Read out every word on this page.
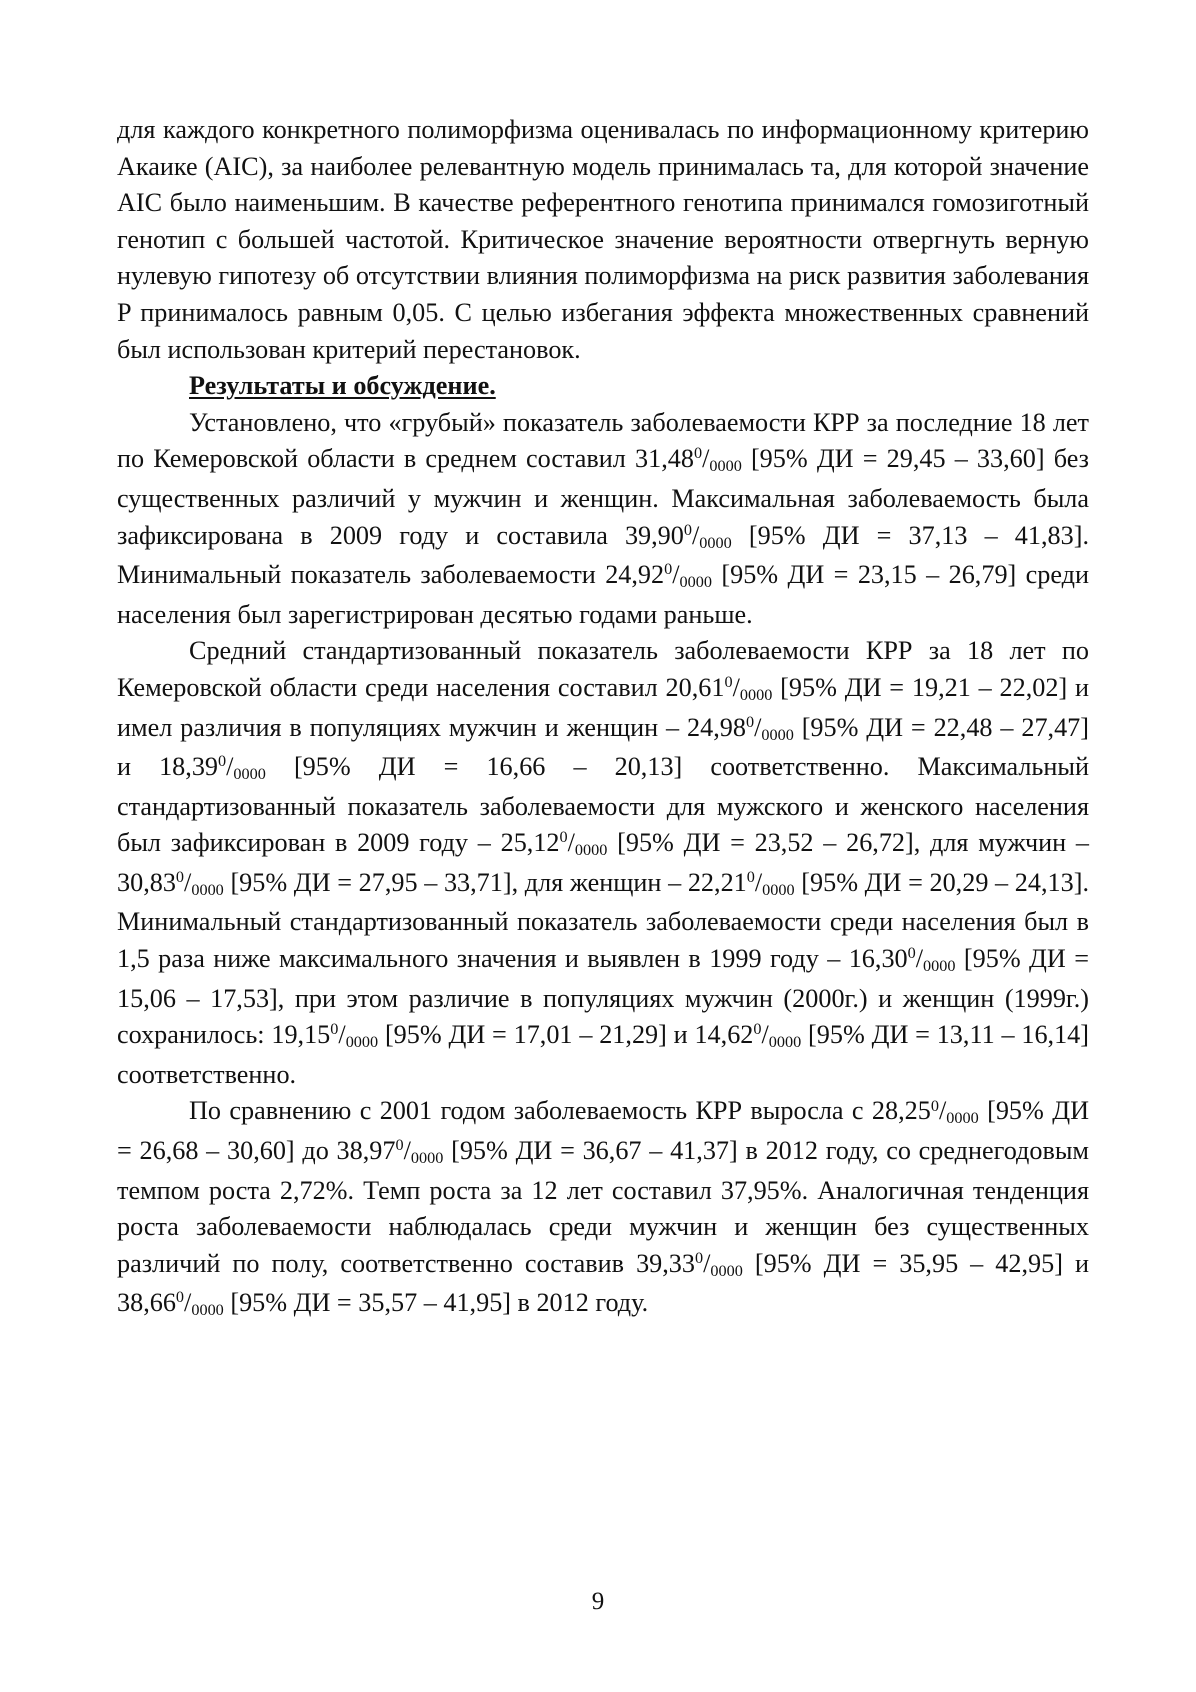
для каждого конкретного полиморфизма оценивалась по информационному критерию Акаике (AIC), за наиболее релевантную модель принималась та, для которой значение AIC было наименьшим. В качестве референтного генотипа принимался гомозиготный генотип с большей частотой. Критическое значение вероятности отвергнуть верную нулевую гипотезу об отсутствии влияния полиморфизма на риск развития заболевания P принималось равным 0,05. С целью избегания эффекта множественных сравнений был использован критерий перестановок.

Результаты и обсуждение.

Установлено, что «грубый» показатель заболеваемости КРР за последние 18 лет по Кемеровской области в среднем составил 31,48$^0$/0000 [95% ДИ = 29,45 – 33,60] без существенных различий у мужчин и женщин. Максимальная заболеваемость была зафиксирована в 2009 году и составила 39,90$^0$/0000 [95% ДИ = 37,13 – 41,83]. Минимальный показатель заболеваемости 24,92$^0$/0000 [95% ДИ = 23,15 – 26,79] среди населения был зарегистрирован десятью годами раньше.

Средний стандартизованный показатель заболеваемости КРР за 18 лет по Кемеровской области среди населения составил 20,61$^0$/0000 [95% ДИ = 19,21 – 22,02] и имел различия в популяциях мужчин и женщин – 24,98$^0$/0000 [95% ДИ = 22,48 – 27,47] и 18,39$^0$/0000 [95% ДИ = 16,66 – 20,13] соответственно. Максимальный стандартизованный показатель заболеваемости для мужского и женского населения был зафиксирован в 2009 году – 25,12$^0$/0000 [95% ДИ = 23,52 – 26,72], для мужчин – 30,83$^0$/0000 [95% ДИ = 27,95 – 33,71], для женщин – 22,21$^0$/0000 [95% ДИ = 20,29 – 24,13]. Минимальный стандартизованный показатель заболеваемости среди населения был в 1,5 раза ниже максимального значения и выявлен в 1999 году – 16,30$^0$/0000 [95% ДИ = 15,06 – 17,53], при этом различие в популяциях мужчин (2000г.) и женщин (1999г.) сохранилось: 19,15$^0$/0000 [95% ДИ = 17,01 – 21,29] и 14,62$^0$/0000 [95% ДИ = 13,11 – 16,14] соответственно.

По сравнению с 2001 годом заболеваемость КРР выросла с 28,25$^0$/0000 [95% ДИ = 26,68 – 30,60] до 38,97$^0$/0000 [95% ДИ = 36,67 – 41,37] в 2012 году, со среднегодовым темпом роста 2,72%. Темп роста за 12 лет составил 37,95%. Аналогичная тенденция роста заболеваемости наблюдалась среди мужчин и женщин без существенных различий по полу, соответственно составив 39,33$^0$/0000 [95% ДИ = 35,95 – 42,95] и 38,66$^0$/0000 [95% ДИ = 35,57 – 41,95] в 2012 году.

9
